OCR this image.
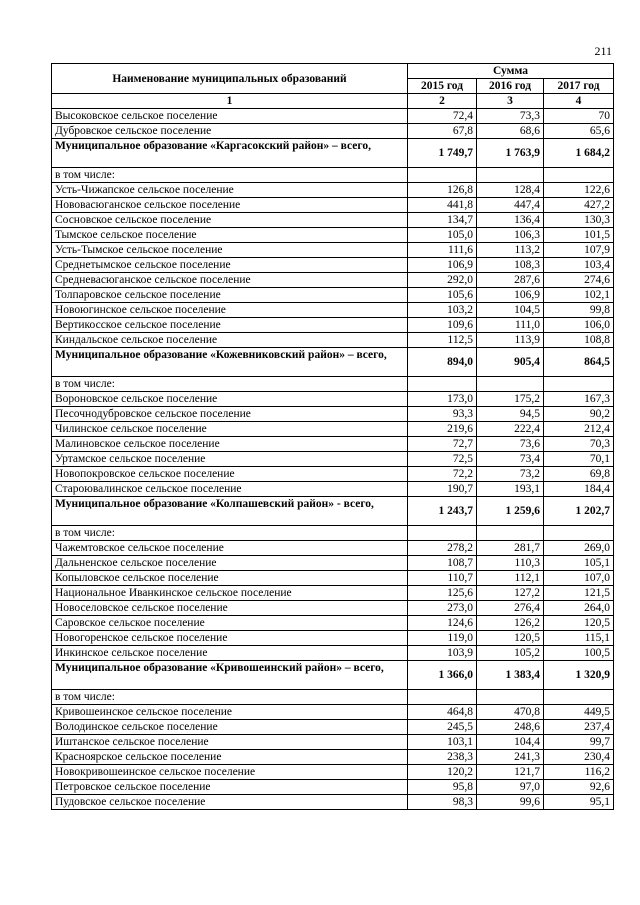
211
Наименование муниципальных образований	Сумма		
	2015 год	2016 год	2017 год
1	2	3	4
Высоковское сельское поселение	72,4	73,3	70
Дубровское сельское поселение	67,8	68,6	65,6
Муниципальное образование «Каргасокский район» – всего,	1 749,7	1 763,9	1 684,2
в том числе:			
Усть-Чижапское сельское поселение	126,8	128,4	122,6
Нововасюганское сельское поселение	441,8	447,4	427,2
Сосновское сельское поселение	134,7	136,4	130,3
Тымское сельское поселение	105,0	106,3	101,5
Усть-Тымское сельское поселение	111,6	113,2	107,9
Среднетымское сельское поселение	106,9	108,3	103,4
Средневасюганское сельское поселение	292,0	287,6	274,6
Толпаровское сельское поселение	105,6	106,9	102,1
Новоюгинское сельское поселение	103,2	104,5	99,8
Вертикосское сельское поселение	109,6	111,0	106,0
Киндальское сельское поселение	112,5	113,9	108,8
Муниципальное образование «Кожевниковский район» – всего,	894,0	905,4	864,5
в том числе:			
Вороновское сельское поселение	173,0	175,2	167,3
Песочнодубровское сельское поселение	93,3	94,5	90,2
Чилинское сельское поселение	219,6	222,4	212,4
Малиновское сельское поселение	72,7	73,6	70,3
Уртамское сельское поселение	72,5	73,4	70,1
Новопокровское сельское поселение	72,2	73,2	69,8
Староювалинское сельское поселение	190,7	193,1	184,4
Муниципальное образование «Колпашевский район» - всего,	1 243,7	1 259,6	1 202,7
в том числе:			
Чажемтовское сельское поселение	278,2	281,7	269,0
Дальненское сельское поселение	108,7	110,3	105,1
Копыловское сельское поселение	110,7	112,1	107,0
Национальное Иванкинское сельское поселение	125,6	127,2	121,5
Новоселовское сельское поселение	273,0	276,4	264,0
Саровское сельское поселение	124,6	126,2	120,5
Новогоренское сельское поселение	119,0	120,5	115,1
Инкинское сельское поселение	103,9	105,2	100,5
Муниципальное образование «Кривошеинский район» – всего,	1 366,0	1 383,4	1 320,9
в том числе:			
Кривошеинское сельское поселение	464,8	470,8	449,5
Володинское сельское поселение	245,5	248,6	237,4
Иштанское сельское поселение	103,1	104,4	99,7
Красноярское сельское поселение	238,3	241,3	230,4
Новокривошеинское сельское поселение	120,2	121,7	116,2
Петровское сельское поселение	95,8	97,0	92,6
Пудовское сельское поселение	98,3	99,6	95,1
